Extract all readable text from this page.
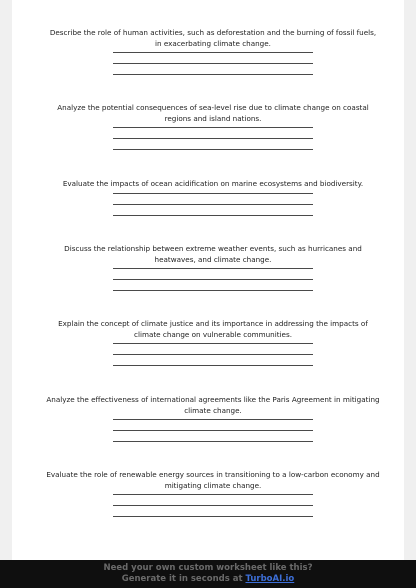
Describe the role of human activities, such as deforestation and the burning of fossil fuels, in exacerbating climate change.

Analyze the potential consequences of sea-level rise due to climate change on coastal regions and island nations.

Evaluate the impacts of ocean acidification on marine ecosystems and biodiversity.

Discuss the relationship between extreme weather events, such as hurricanes and heatwaves, and climate change.

Explain the concept of climate justice and its importance in addressing the impacts of climate change on vulnerable communities.

Analyze the effectiveness of international agreements like the Paris Agreement in mitigating climate change.

Evaluate the role of renewable energy sources in transitioning to a low-carbon economy and mitigating climate change.

Need your own custom worksheet like this?
Generate it in seconds at TurboAI.io
